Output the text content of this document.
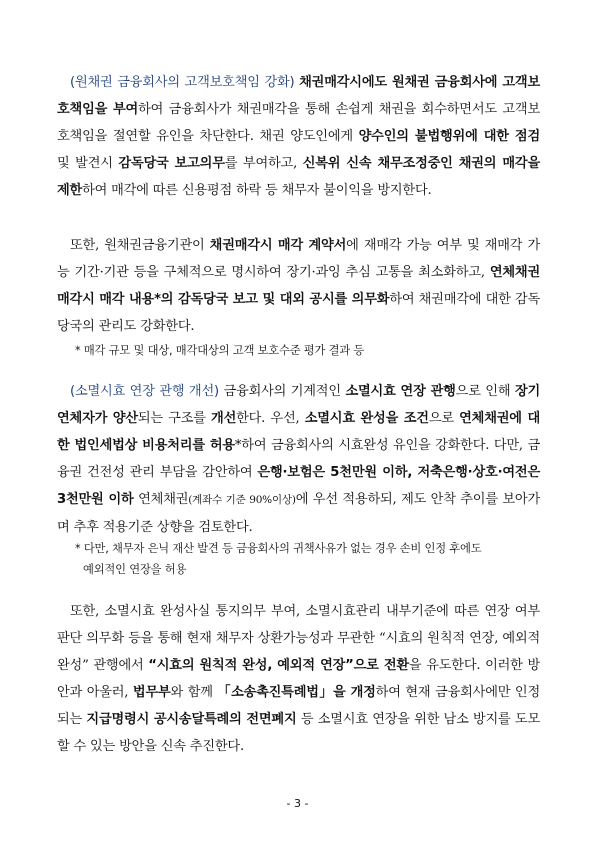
(원채권 금융회사의 고객보호책임 강화) 채권매각시에도 원채권 금융회사에 고객보호책임을 부여하여 금융회사가 채권매각을 통해 손쉽게 채권을 회수하면서도 고객보호책임을 절연할 유인을 차단한다. 채권 양도인에게 양수인의 불법행위에 대한 점검 및 발견시 감독당국 보고의무를 부여하고, 신복위 신속 채무조정중인 채권의 매각을 제한하여 매각에 따른 신용평점 하락 등 채무자 불이익을 방지한다.
또한, 원채권금융기관이 채권매각시 매각 계약서에 재매각 가능 여부 및 재매각 가능 기간·기관 등을 구체적으로 명시하여 장기·과잉 추심 고통을 최소화하고, 연체채권 매각시 매각 내용*의 감독당국 보고 및 대외 공시를 의무화하여 채권매각에 대한 감독당국의 관리도 강화한다.
* 매각 규모 및 대상, 매각대상의 고객 보호수준 평가 결과 등
(소멸시효 연장 관행 개선) 금융회사의 기계적인 소멸시효 연장 관행으로 인해 장기 연체자가 양산되는 구조를 개선한다. 우선, 소멸시효 완성을 조건으로 연체채권에 대한 법인세법상 비용처리를 허용*하여 금융회사의 시효완성 유인을 강화한다. 다만, 금융권 건전성 관리 부담을 감안하여 은행·보험은 5천만원 이하, 저축은행·상호·여전은 3천만원 이하 연체채권(계좌수 기준 90%이상)에 우선 적용하되, 제도 안착 추이를 보아가며 추후 적용기준 상향을 검토한다.
* 다만, 채무자 은닉 재산 발견 등 금융회사의 귀책사유가 없는 경우 손비 인정 후에도
예외적인 연장을 허용
또한, 소멸시효 완성사실 통지의무 부여, 소멸시효관리 내부기준에 따른 연장 여부 판단 의무화 등을 통해 현재 채무자 상환가능성과 무관한 “시효의 원칙적 연장, 예외적 완성” 관행에서 “시효의 원칙적 완성, 예외적 연장”으로 전환을 유도한다. 이러한 방안과 아울러, 법무부와 함께 「소송촉진특례법」을 개정하여 현재 금융회사에만 인정되는 지급명령시 공시송달특례의 전면폐지 등 소멸시효 연장을 위한 남소 방지를 도모할 수 있는 방안을 신속 추진한다.
- 3 -
